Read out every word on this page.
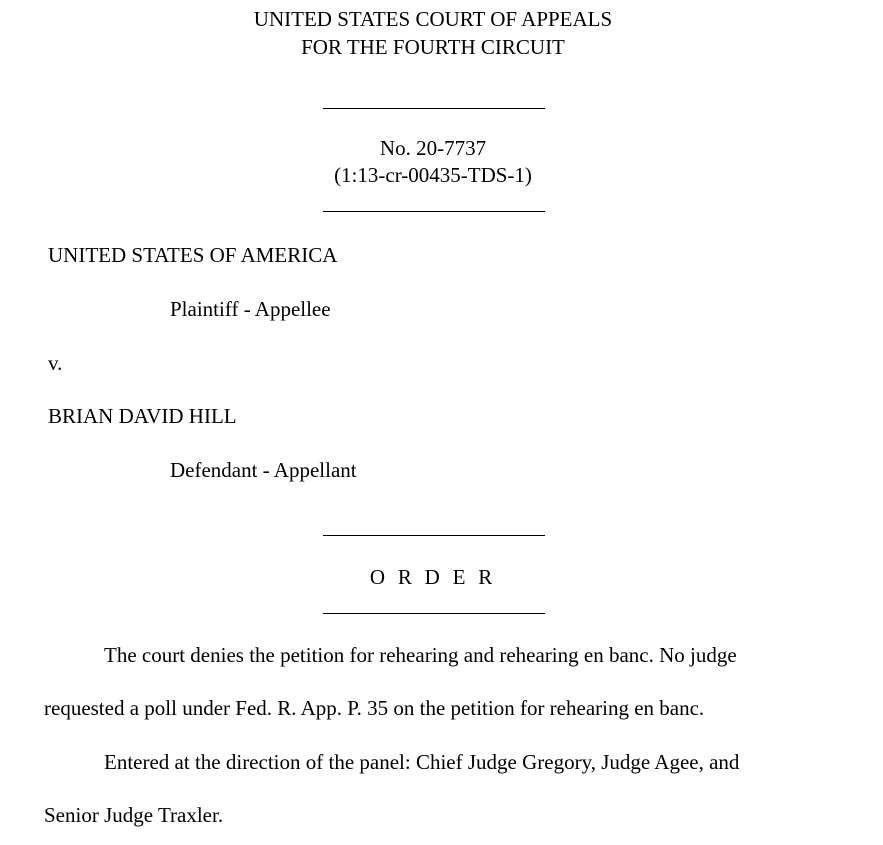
UNITED STATES COURT OF APPEALS
FOR THE FOURTH CIRCUIT
No. 20-7737
(1:13-cr-00435-TDS-1)
UNITED STATES OF AMERICA
Plaintiff - Appellee
v.
BRIAN DAVID HILL
Defendant - Appellant
O R D E R
The court denies the petition for rehearing and rehearing en banc. No judge
requested a poll under Fed. R. App. P. 35 on the petition for rehearing en banc.
Entered at the direction of the panel: Chief Judge Gregory, Judge Agee, and
Senior Judge Traxler.
